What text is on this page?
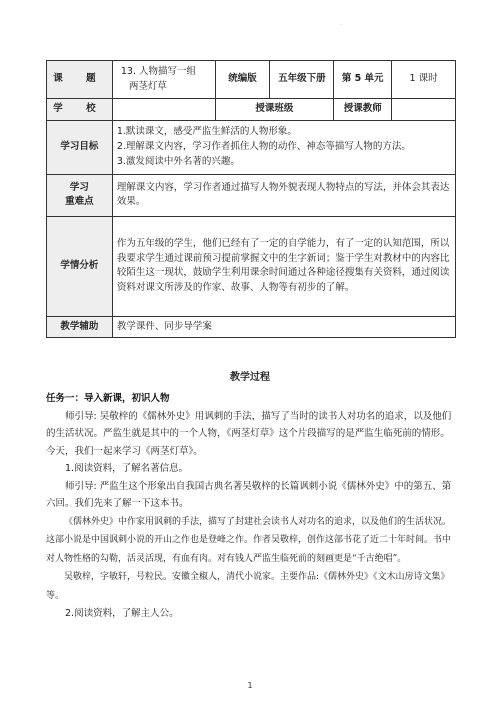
·
课 题	13. 人物描写一组
两茎灯草	统编版	五年级下册	第 5 单元	1 课时
学 校		授课班级		授课教师	
学习目标	1.默读课文，感受严监生鲜活的人物形象。

2.理解课文内容，学习作者抓住人物的动作、神态等描写人物的方法。

3.激发阅读中外名著的兴趣。				

学习
重难点	理解课文内容，学习作者通过描写人物外貌表现人物特点的写法，并体会其表达效果。				
学情分析	作为五年级的学生，他们已经有了一定的自学能力，有了一定的认知范围，所以我要求学生通过课前预习提前掌握文中的生字新词；鉴于学生对教材中的内容比较陌生这一现状，鼓励学生利用课余时间通过各种途径搜集有关资料，通过阅读资料对课文所涉及的作家、故事、人物等有初步的了解。				
教学辅助	教学课件、同步导学案				
教学过程

任务一：导入新课，初识人物

师引导: 吴敬梓的《儒林外史》用讽刺的手法，描写了当时的读书人对功名的追求，以及他们的生活状况。严监生就是其中的一个人物，《两茎灯草》这个片段描写的是严监生临死前的情形。今天，我们一起来学习《两茎灯草》。

1.阅读资料，了解名著信息。

师引导: 严监生这个形象出自我国古典名著吴敬梓的长篇讽刺小说《儒林外史》中的第五、第六回。我们先来了解一下这本书。

《儒林外史》中作家用讽刺的手法，描写了封建社会读书人对功名的追求，以及他们的生活状况。这部小说是中国讽刺小说的开山之作也是登峰之作。作者吴敬梓，创作这部书花了近二十年时间。书中对人物性格的勾勒，活灵活现，有血有肉。对有钱人严监生临死前的刻画更是“千古绝唱”。

吴敬梓，字敏轩，号粒民。安徽全椒人，清代小说家。主要作品:《儒林外史》《文木山房诗文集》等。

2.阅读资料，了解主人公。

1
